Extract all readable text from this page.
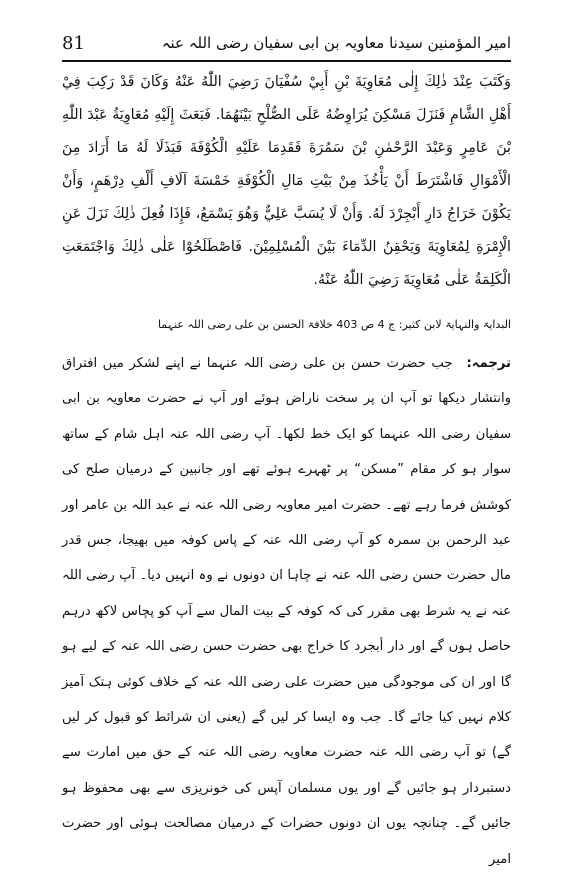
امیر المؤمنین سیدنا معاویہ بن ابی سفیان رضی اللہ عنہ
81

وَكَتَبَ عِنْدَ ذٰلِكَ إِلٰى مُعَاوِيَةَ بْنِ أَبِيْ سُفْيَانَ رَضِيَ اللّٰهُ عَنْهُ وَكَانَ قَدْ رَكِبَ فِيْ أَهْلِ الشَّامِ فَنَزَلَ مَسْكِنَ يُرَاوِضُهُ عَلَى الصُّلْحِ بَيْنَهُمَا. فَبَعَثَ إِلَيْهِ مُعَاوِيَةُ عَبْدَ اللّٰهِ بْنَ عَامِرٍ وَعَبْدَ الرَّحْمٰنِ بْنَ سَمُرَةَ فَقَدِمَا عَلَيْهِ الْكُوْفَةَ فَبَذَلَا لَهُ مَا أَرَادَ مِنَ الْأَمْوَالِ فَاشْتَرَطَ أَنْ يَأْخُذَ مِنْ بَيْتِ مَالِ الْكُوْفَةِ خَمْسَةَ آلَافِ أَلْفِ دِرْهَمٍ، وَأَنْ يَكُوْنَ خَرَاجُ دَارِ أَبْجِرْدَ لَهُ. وَأَنْ لَا يُسَبَّ عَلِيٌّ وَهُوَ يَسْمَعُ، فَإِذَا فُعِلَ ذٰلِكَ نَزَلَ عَنِ الْإِمْرَةِ لِمُعَاوِيَةَ وَيَحْقِنُ الدِّمَاءَ بَيْنَ الْمُسْلِمِيْنَ. فَاصْطَلَحُوْا عَلٰى ذٰلِكَ وَاجْتَمَعَتِ الْكَلِمَةُ عَلٰى مُعَاوِيَةَ رَضِيَ اللّٰهُ عَنْهُ.

البدایۃ والنہایۃ لابن کثیر: ج 4 ص 403 خلافۃ الحسن بن علی رضی اللہ عنہما

ترجمہ:جب حضرت حسن بن علی رضی اللہ عنہما نے اپنے لشکر میں افتراق وانتشار دیکھا تو آپ ان پر سخت ناراض ہوئے اور آپ نے حضرت معاویہ بن ابی سفیان رضی اللہ عنہما کو ایک خط لکھا۔ آپ رضی اللہ عنہ اہل شام کے ساتھ سوار ہو کر مقام ”مسکن“ پر ٹھہرے ہوئے تھے اور جانبین کے درمیان صلح کی کوشش فرما رہے تھے۔ حضرت امیر معاویہ رضی اللہ عنہ نے عبد اللہ بن عامر اور عبد الرحمن بن سمرہ کو آپ رضی اللہ عنہ کے پاس کوفہ میں بھیجا، جس قدر مال حضرت حسن رضی اللہ عنہ نے چاہا ان دونوں نے وہ انہیں دیا۔ آپ رضی اللہ عنہ نے یہ شرط بھی مقرر کی کہ کوفہ کے بیت المال سے آپ کو پچاس لاکھ درہم حاصل ہوں گے اور دار أبجرد کا خراج بھی حضرت حسن رضی اللہ عنہ کے لیے ہو گا اور ان کی موجودگی میں حضرت علی رضی اللہ عنہ کے خلاف کوئی ہتک آمیز کلام نہیں کیا جائے گا۔ جب وہ ایسا کر لیں گے (یعنی ان شرائط کو قبول کر لیں گے) تو آپ رضی اللہ عنہ حضرت معاویہ رضی اللہ عنہ کے حق میں امارت سے دستبردار ہو جائیں گے اور یوں مسلمان آپس کی خونریزی سے بھی محفوظ ہو جائیں گے۔ چنانچہ یوں ان دونوں حضرات کے درمیان مصالحت ہوئی اور حضرت امیر
